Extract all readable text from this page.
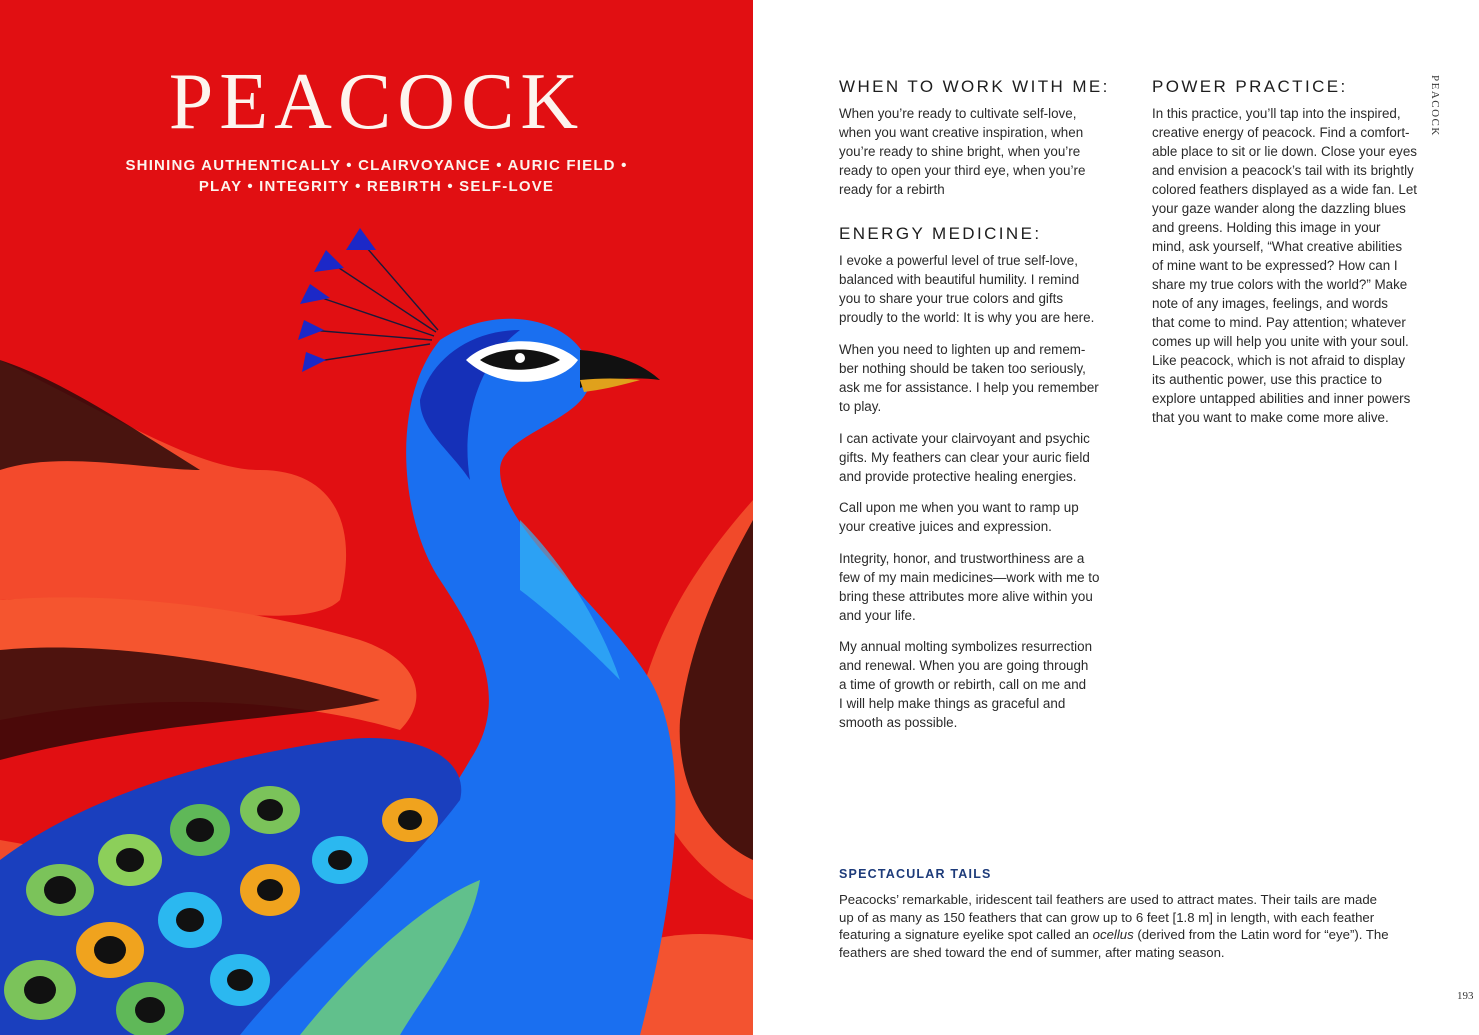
PEACOCK
SHINING AUTHENTICALLY • CLAIRVOYANCE • AURIC FIELD •
PLAY • INTEGRITY • REBIRTH • SELF-LOVE
WHEN TO WORK WITH ME:

When you’re ready to cultivate self-love,
when you want creative inspiration, when
you’re ready to shine bright, when you’re
ready to open your third eye, when you’re
ready for a rebirth

ENERGY MEDICINE:

I evoke a powerful level of true self-love,
balanced with beautiful humility. I remind
you to share your true colors and gifts
proudly to the world: It is why you are here.

When you need to lighten up and remem-
ber nothing should be taken too seriously,
ask me for assistance. I help you remember
to play.

I can activate your clairvoyant and psychic
gifts. My feathers can clear your auric field
and provide protective healing energies.

Call upon me when you want to ramp up
your creative juices and expression.

Integrity, honor, and trustworthiness are a
few of my main medicines—work with me to
bring these attributes more alive within you
and your life.

My annual molting symbolizes resurrection
and renewal. When you are going through
a time of growth or rebirth, call on me and
I will help make things as graceful and
smooth as possible.

POWER PRACTICE:

In this practice, you’ll tap into the inspired,
creative energy of peacock. Find a comfort-
able place to sit or lie down. Close your eyes
and envision a peacock’s tail with its brightly
colored feathers displayed as a wide fan. Let
your gaze wander along the dazzling blues
and greens. Holding this image in your
mind, ask yourself, “What creative abilities
of mine want to be expressed? How can I
share my true colors with the world?” Make
note of any images, feelings, and words
that come to mind. Pay attention; whatever
comes up will help you unite with your soul.
Like peacock, which is not afraid to display
its authentic power, use this practice to
explore untapped abilities and inner powers
that you want to make come more alive.

SPECTACULAR TAILS

Peacocks’ remarkable, iridescent tail feathers are used to attract mates. Their tails are made
up of as many as 150 feathers that can grow up to 6 feet [1.8 m] in length, with each feather
featuring a signature eyelike spot called an ocellus (derived from the Latin word for “eye”). The
feathers are shed toward the end of summer, after mating season.

PEACOCK
193
